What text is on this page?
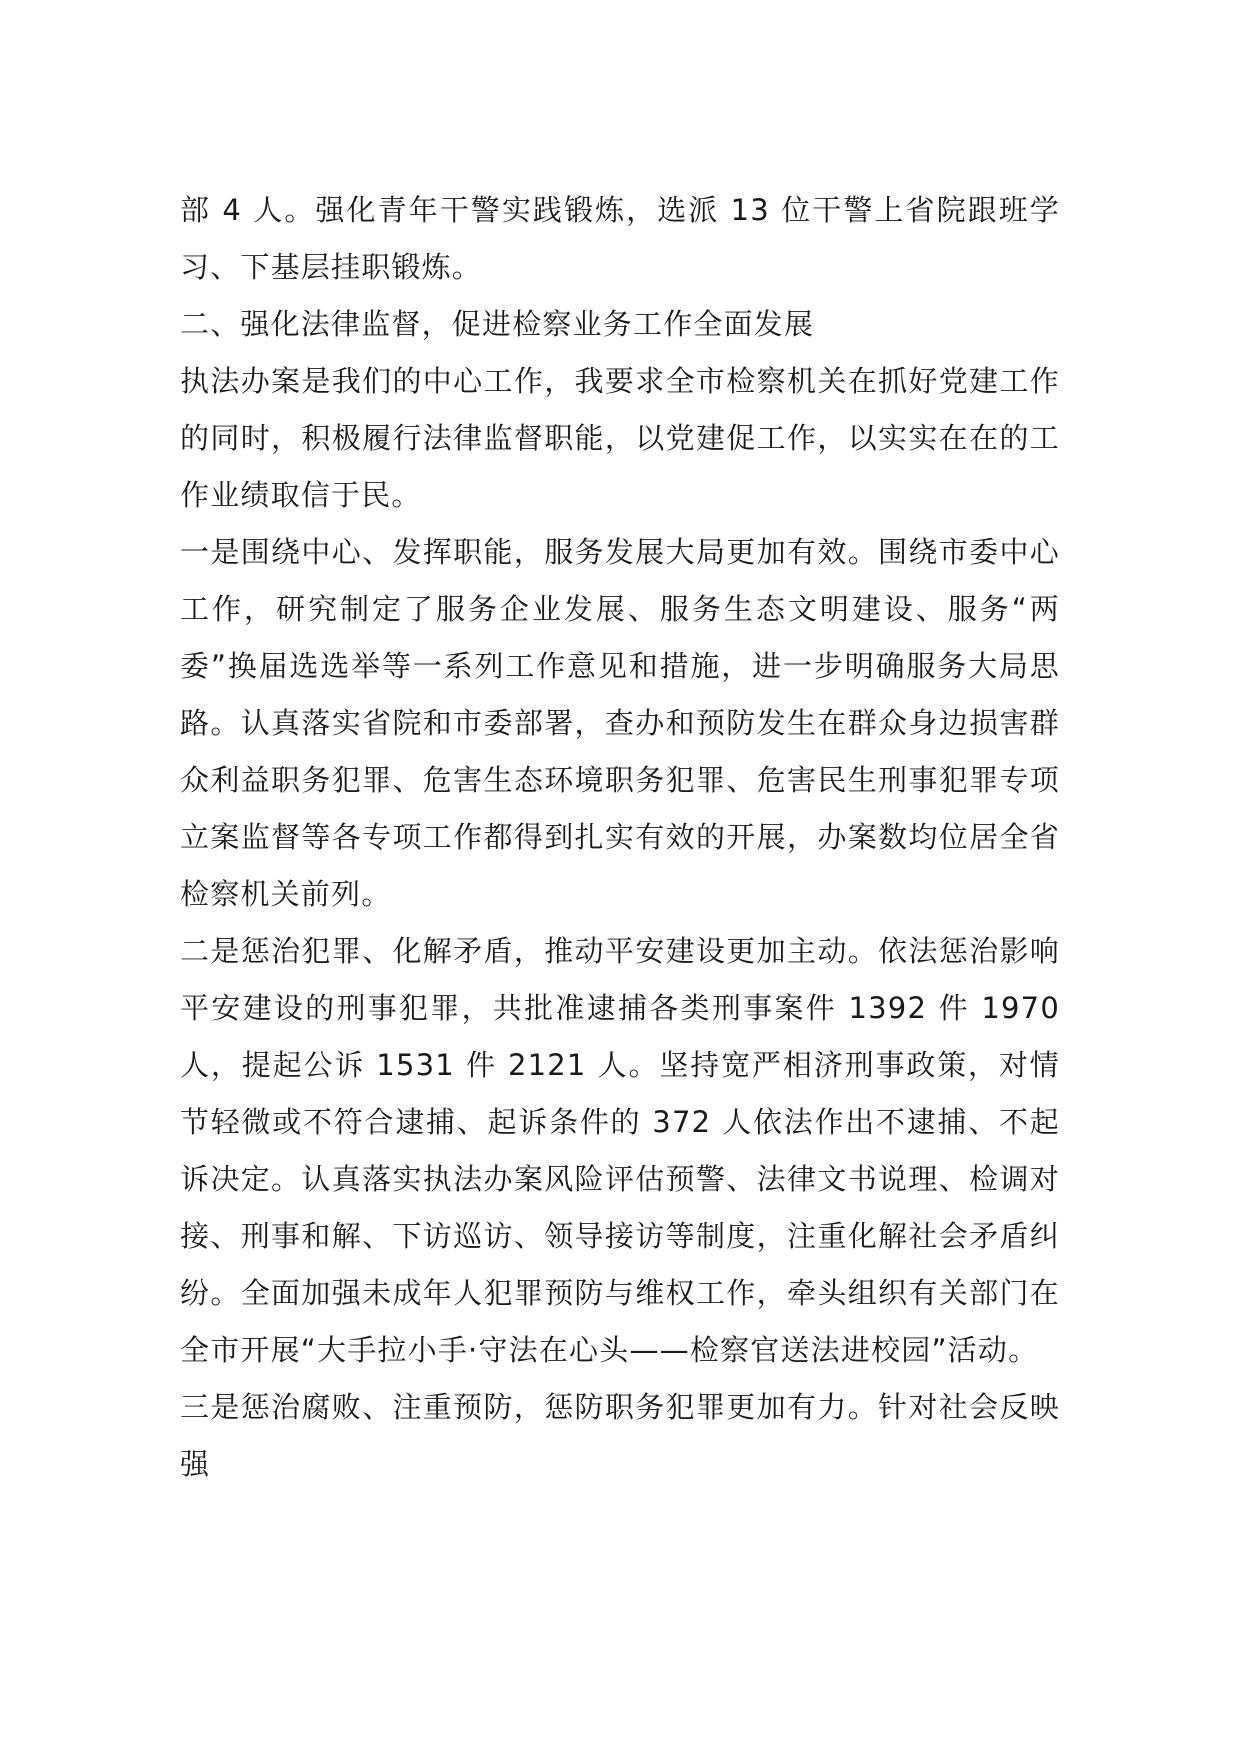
部 4 人。强化青年干警实践锻炼，选派 13 位干警上省院跟班学习、下基层挂职锻炼。

二、强化法律监督，促进检察业务工作全面发展

执法办案是我们的中心工作，我要求全市检察机关在抓好党建工作的同时，积极履行法律监督职能，以党建促工作，以实实在在的工作业绩取信于民。

一是围绕中心、发挥职能，服务发展大局更加有效。围绕市委中心工作，研究制定了服务企业发展、服务生态文明建设、服务“两委”换届选选举等一系列工作意见和措施，进一步明确服务大局思路。认真落实省院和市委部署，查办和预防发生在群众身边损害群众利益职务犯罪、危害生态环境职务犯罪、危害民生刑事犯罪专项立案监督等各专项工作都得到扎实有效的开展，办案数均位居全省检察机关前列。

二是惩治犯罪、化解矛盾，推动平安建设更加主动。依法惩治影响平安建设的刑事犯罪，共批准逮捕各类刑事案件 1392 件 1970 人，提起公诉 1531 件 2121 人。坚持宽严相济刑事政策，对情节轻微或不符合逮捕、起诉条件的 372 人依法作出不逮捕、不起诉决定。认真落实执法办案风险评估预警、法律文书说理、检调对接、刑事和解、下访巡访、领导接访等制度，注重化解社会矛盾纠纷。全面加强未成年人犯罪预防与维权工作，牵头组织有关部门在全市开展“大手拉小手·守法在心头——检察官送法进校园”活动。

三是惩治腐败、注重预防，惩防职务犯罪更加有力。针对社会反映强
